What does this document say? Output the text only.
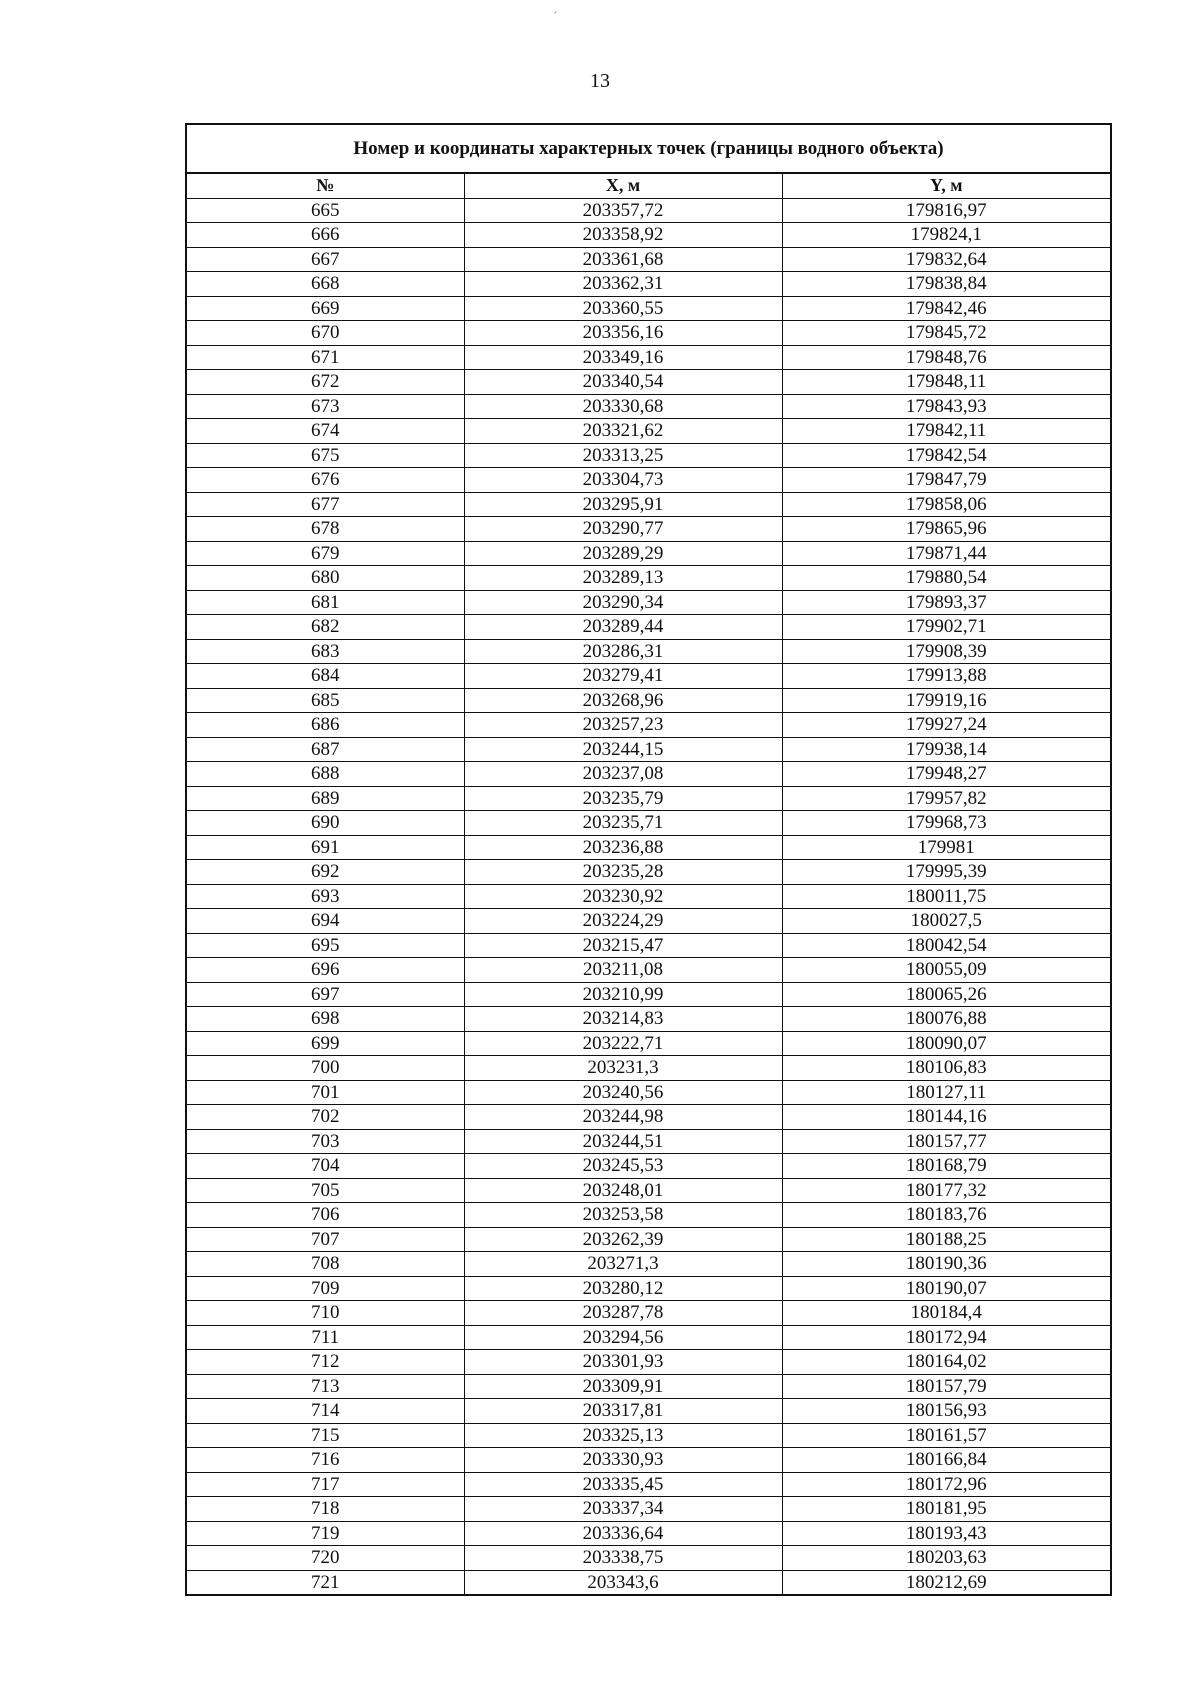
´
13
Номер и координаты характерных точек (границы водного объекта)		
№	X, м	Y, м
665	203357,72	179816,97
666	203358,92	179824,1
667	203361,68	179832,64
668	203362,31	179838,84
669	203360,55	179842,46
670	203356,16	179845,72
671	203349,16	179848,76
672	203340,54	179848,11
673	203330,68	179843,93
674	203321,62	179842,11
675	203313,25	179842,54
676	203304,73	179847,79
677	203295,91	179858,06
678	203290,77	179865,96
679	203289,29	179871,44
680	203289,13	179880,54
681	203290,34	179893,37
682	203289,44	179902,71
683	203286,31	179908,39
684	203279,41	179913,88
685	203268,96	179919,16
686	203257,23	179927,24
687	203244,15	179938,14
688	203237,08	179948,27
689	203235,79	179957,82
690	203235,71	179968,73
691	203236,88	179981
692	203235,28	179995,39
693	203230,92	180011,75
694	203224,29	180027,5
695	203215,47	180042,54
696	203211,08	180055,09
697	203210,99	180065,26
698	203214,83	180076,88
699	203222,71	180090,07
700	203231,3	180106,83
701	203240,56	180127,11
702	203244,98	180144,16
703	203244,51	180157,77
704	203245,53	180168,79
705	203248,01	180177,32
706	203253,58	180183,76
707	203262,39	180188,25
708	203271,3	180190,36
709	203280,12	180190,07
710	203287,78	180184,4
711	203294,56	180172,94
712	203301,93	180164,02
713	203309,91	180157,79
714	203317,81	180156,93
715	203325,13	180161,57
716	203330,93	180166,84
717	203335,45	180172,96
718	203337,34	180181,95
719	203336,64	180193,43
720	203338,75	180203,63
721	203343,6	180212,69
